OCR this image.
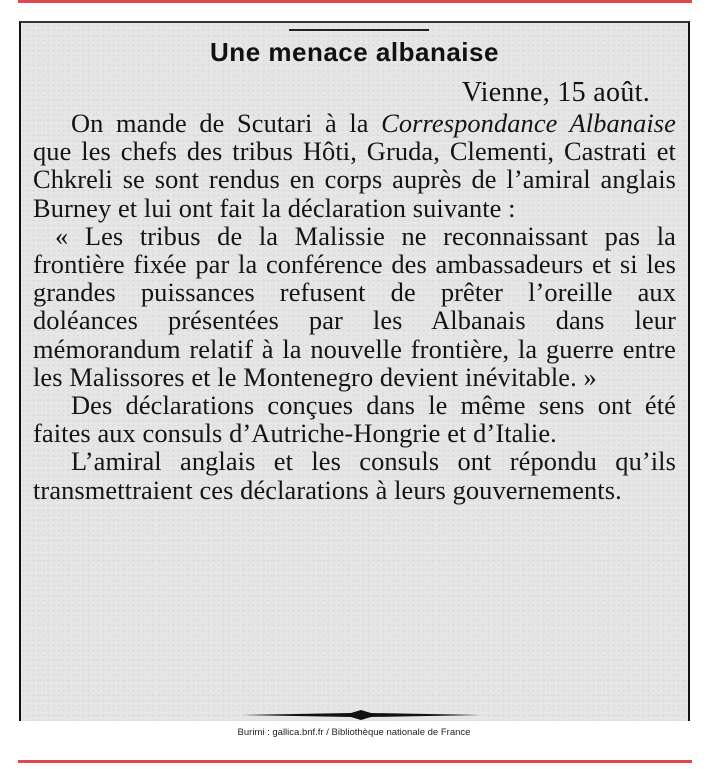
Une menace albanaise
Vienne, 15 août.

On mande de Scutari à la Correspondance Albanaise que les chefs des tribus Hôti, Gruda, Clementi, Castrati et Chkreli se sont rendus en corps auprès de l’amiral anglais Burney et lui ont fait la déclaration suivante :

« Les tribus de la Malissie ne reconnaissant pas la frontière fixée par la conférence des ambassadeurs et si les grandes puissances refusent de prêter l’oreille aux doléances présentées par les Albanais dans leur mémorandum relatif à la nouvelle frontière, la guerre entre les Malissores et le Montenegro devient inévitable. »

Des déclarations conçues dans le même sens ont été faites aux consuls d’Autriche-Hongrie et d’Italie.

L’amiral anglais et les consuls ont répondu qu’ils transmettraient ces déclarations à leurs gouvernements.

Burimi : gallica.bnf.fr / Bibliothèque nationale de France
